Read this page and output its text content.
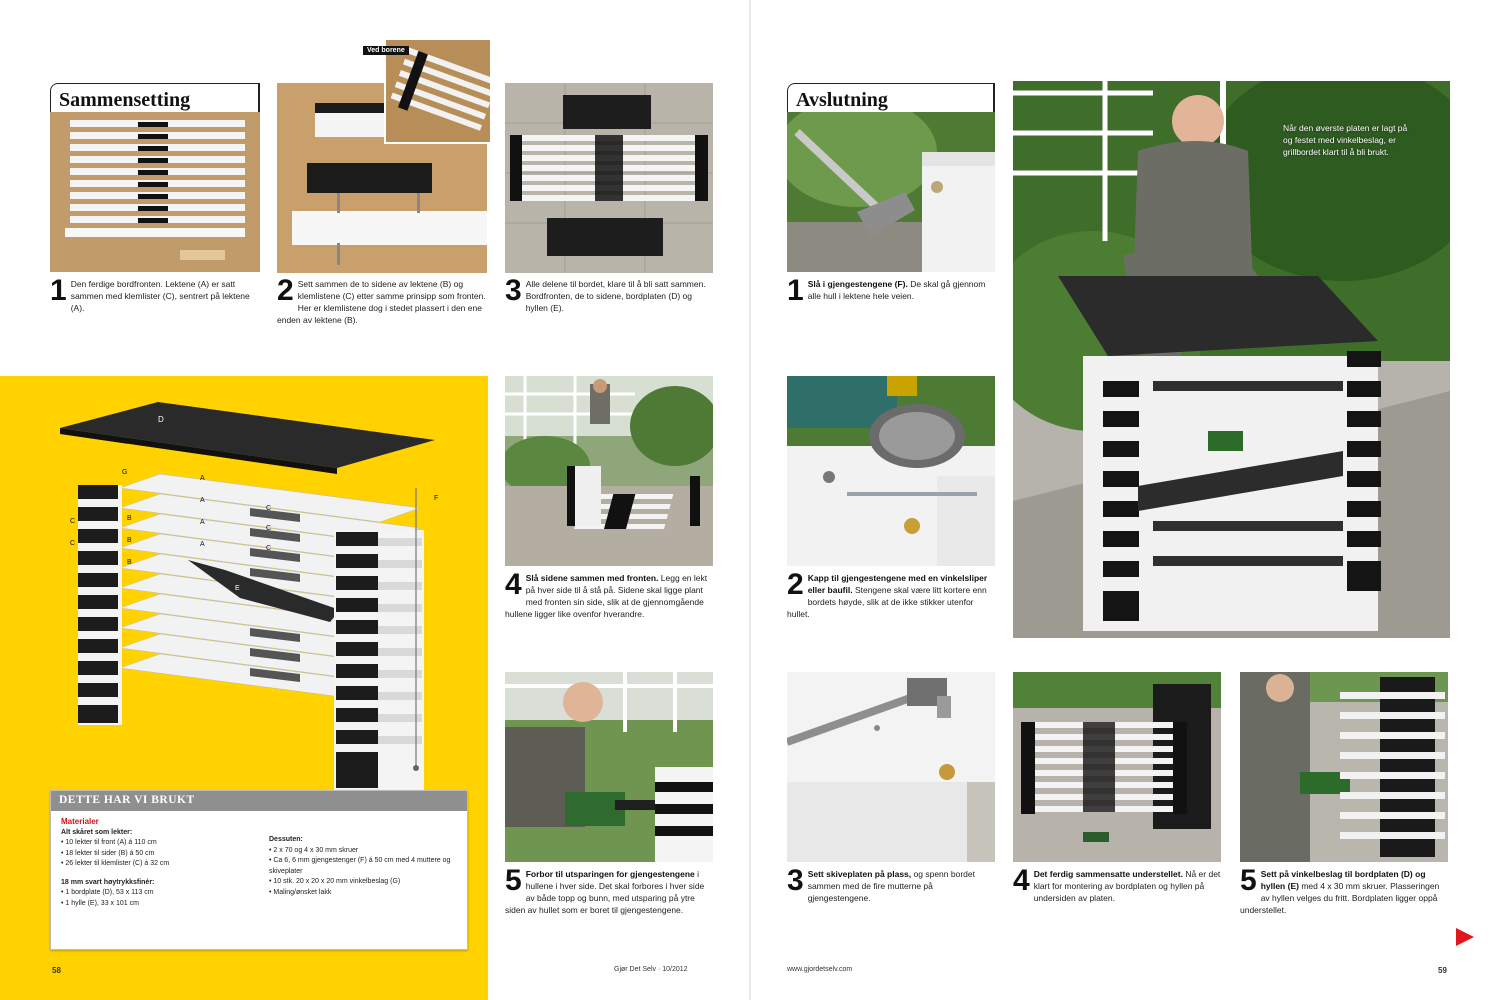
Sammensetting
1 Den ferdige bordfronten. Lektene (A) er satt sammen med klemlister (C), sentrert på lektene (A).
Ved borene
2 Sett sammen de to sidene av lektene (B) og klemlistene (C) etter samme prinsipp som fronten. Her er klemlistene dog i stedet plassert i den ene enden av lektene (B).
3 Alle delene til bordet, klare til å bli satt sammen. Bordfronten, de to sidene, bordplaten (D) og hyllen (E).
D
A
A
A
A
C
C
C
C
C
B
B
B
E
G
F
DETTE HAR VI BRUKT
Materialer
Alt skåret som lekter:
• 10 lekter til front (A) á 110 cm
• 18 lekter til sider (B) á 50 cm
• 26 lekter til klemlister (C) á 32 cm
18 mm svart høytrykksfinér:
• 1 bordplate (D), 53 x 113 cm
• 1 hylle (E), 33 x 101 cm
Dessuten:
• 2 x 70 og 4 x 30 mm skruer
• Ca 6, 6 mm gjengestenger (F) á 50 cm med 4 muttere og skiveplater
• 10 stk. 20 x 20 x 20 mm vinkelbeslag (G)
• Maling/ønsket lakk
4 Slå sidene sammen med fronten. Legg en lekt på hver side til å stå på. Sidene skal ligge plant med fronten sin side, slik at de gjennomgående hullene ligger like ovenfor hverandre.
5 Forbor til utsparingen for gjengestengene i hullene i hver side. Det skal forbores i hver side av både topp og bunn, med utsparing på ytre siden av hullet som er boret til gjengestengene.
58	Gjør Det Selv · 10/2012
Avslutning
1 Slå i gjengestengene (F). De skal gå gjennom alle hull i lektene hele veien.
2 Kapp til gjengestengene med en vinkelsliper eller baufil. Stengene skal være litt kortere enn bordets høyde, slik at de ikke stikker utenfor hullet.
Når den øverste platen er lagt på og festet med vinkelbeslag, er grillbordet klart til å bli brukt.
3 Sett skiveplaten på plass, og spenn bordet sammen med de fire mutterne på gjengestengene.
4 Det ferdig sammensatte understellet. Nå er det klart for montering av bordplaten og hyllen på undersiden av platen.
5 Sett på vinkelbeslag til bordplaten (D) og hyllen (E) med 4 x 30 mm skruer. Plasseringen av hyllen velges du fritt. Bordplaten ligger oppå understellet.
www.gjordetselv.com	59
